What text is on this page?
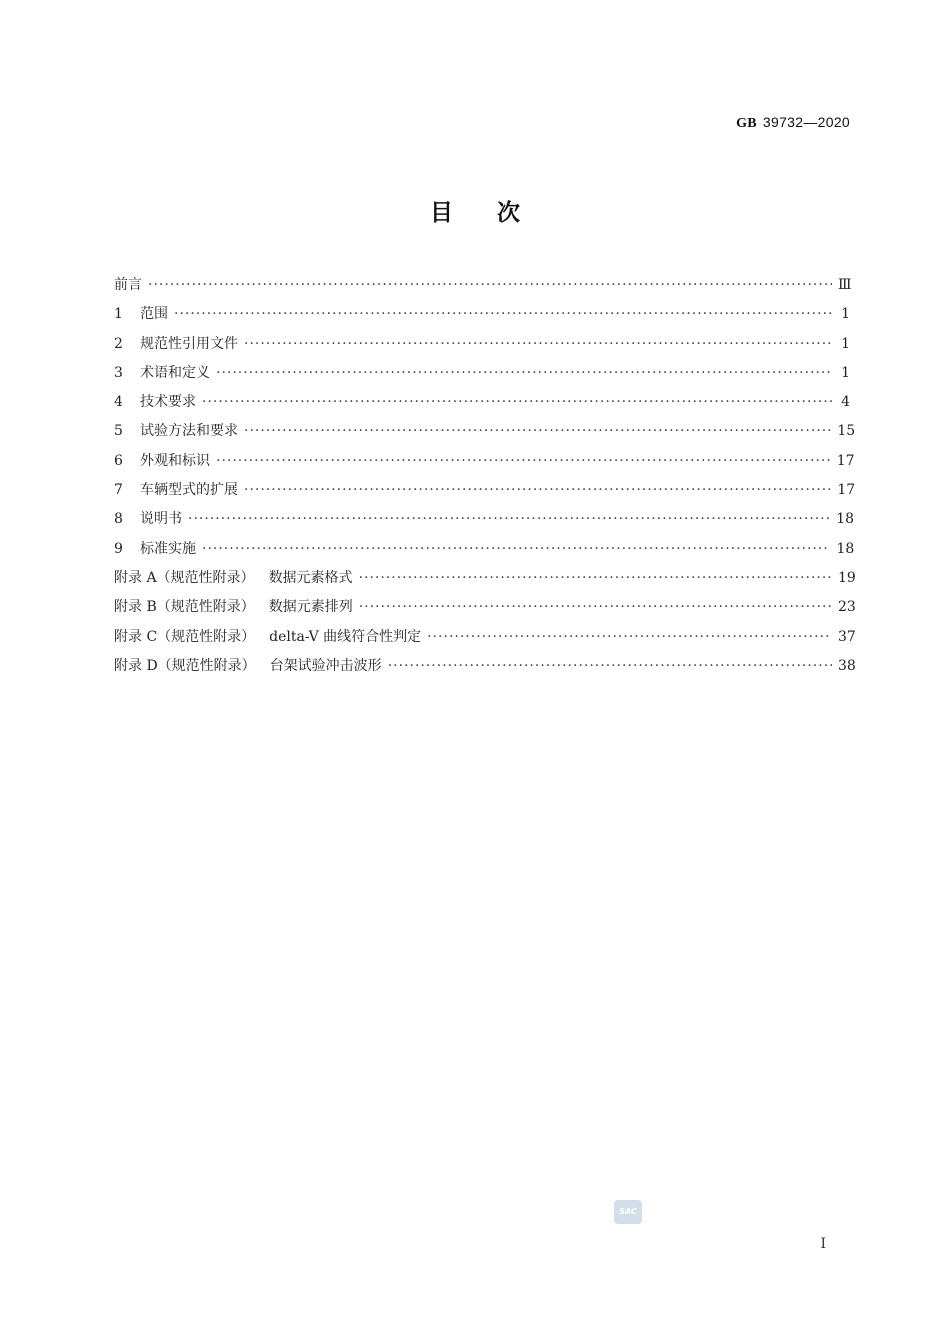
GB 39732—2020
目次
前言 ·····	Ⅲ
1	范围 ·····	1
2	规范性引用文件 ·····	1
3	术语和定义 ·····	1
4	技术要求 ·····	4
5	试验方法和要求 ·····	15
6	外观和标识 ·····	17
7	车辆型式的扩展 ·····	17
8	说明书 ·····	18
9	标准实施 ·····	18
附录 A（规范性附录） 数据元素格式 ·····	19
附录 B（规范性附录） 数据元素排列 ·····	23
附录 C（规范性附录） delta-V 曲线符合性判定 ·····	37
附录 D（规范性附录） 台架试验冲击波形 ·····	38
SAC
I
